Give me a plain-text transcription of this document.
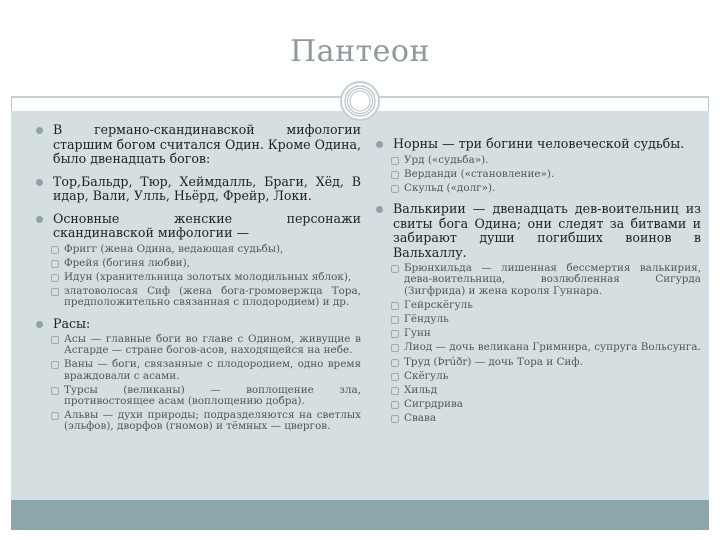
Пантеон
В германо-скандинавской мифологии старшим богом считался Один. Кроме Одина, было двенадцать богов:
Тор,Бальдр, Тюр, Хеймдалль, Браги, Хёд, В идар, Вали, Улль, Ньёрд, Фрейр, Локи.
Основные женские персонажи скандинавской мифологии —
Фригг (жена Одина, ведающая судьбы),
Фрейя (богиня любви),
Идун (хранительница золотых молодильных яблок),
златоволосая Сиф (жена бога-громовержца Тора, предположительно связанная с плодородием) и др.
Расы:
Асы — главные боги во главе с Одином, живущие в Асгарде — стране богов-асов, находящейся на небе.
Ваны — боги, связанные с плодородием, одно время враждовали с асами.
Турсы (великаны) — воплощение зла, противостоящее асам (воплощению добра).
Альвы — духи природы; подразделяются на светлых (эльфов), дворфов (гномов) и тёмных — цвергов.
Норны — три богини человеческой судьбы.
Урд («судьба»).
Верданди («становление»).
Скульд («долг»).
Валькирии — двенадцать дев-воительниц из свиты бога Одина; они следят за битвами и забирают души погибших воинов в Вальхаллу.
Брюнхильда — лишенная бессмертия валькирия, дева-воительница, возлюбленная Сигурда (Зигфрида) и жена короля Гуннара.
Гейрскёгуль
Гёндуль
Гунн
Лиод — дочь великана Гримнира, супруга Вольсунга.
Труд (Þrúðr) — дочь Тора и Сиф.
Скёгуль
Хильд
Сигрдрива
Свава
